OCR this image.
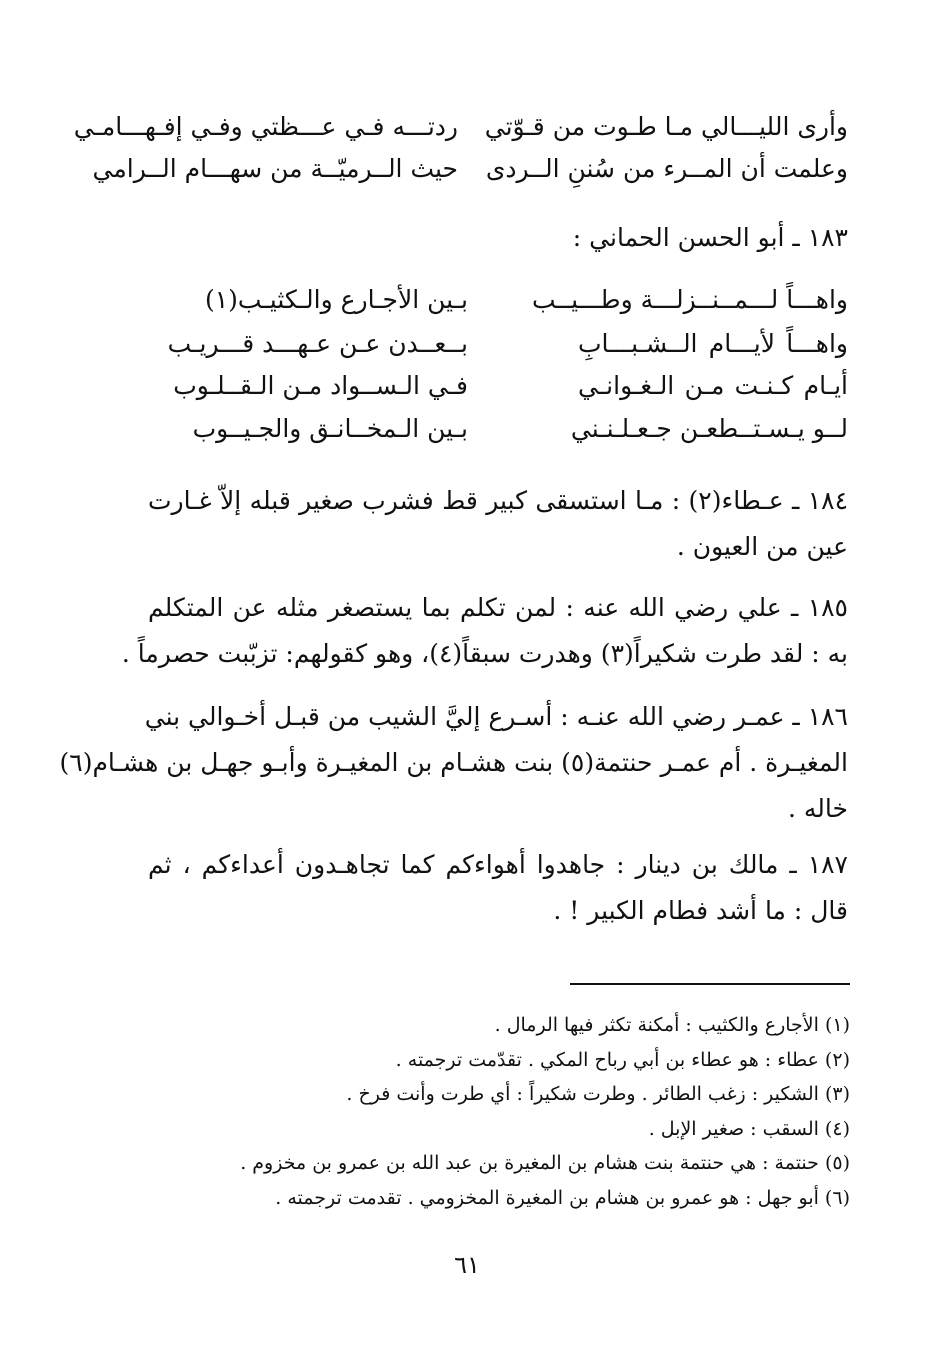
وأرى الليـــالي مـا طـوت من قـوّتي
ردتـــه فـي عـــظتي وفـي إفـهـــامـي
وعلمت أن المــرء من سُننِ الــردى
حيث الــرميّــة من سهـــام الــرامي
١٨٣ ـ أبو الحسن الحماني :
واهـــاً لـــمــنــزلـــة وطـــيــب
بـين الأجـارع والـكثيـب(١)
واهـــاً لأيـــام الــشـبـــابِ
بــعــدن عـن عـهـــد قـــريـب
أيـام كـنـت مـن الـغـوانـي
فـي الـســواد مـن الـقــلـوب
لــو يـسـتــطعـن جـعـلـنـني
بـين الـمخــانـق والجـيــوب
١٨٤ ـ عـطاء(٢) : مـا استسقى كبير قط فشرب صغير قبله إلاّ غـارت
عين من العيون .
١٨٥ ـ علي رضي الله عنه : لمن تكلم بما يستصغر مثله عن المتكلم
به : لقد طرت شكيراً(٣) وهدرت سبقاً(٤)، وهو كقولهم: تزبّبت حصرماً .
١٨٦ ـ عمـر رضي الله عنـه : أسـرع إليَّ الشيب من قبـل أخـوالي بني
المغيـرة . أم عمـر حنتمة(٥) بنت هشـام بن المغيـرة وأبـو جهـل بن هشـام(٦)
خاله .
١٨٧ ـ مالك بن دينار : جاهدوا أهواءكم كما تجاهـدون أعداءكم ، ثم
قال : ما أشد فطام الكبير ! .
(١) الأجارع والكثيب : أمكنة تكثر فيها الرمال .
(٢) عطاء : هو عطاء بن أبي رباح المكي . تقدّمت ترجمته .
(٣) الشكير : زغب الطائر . وطرت شكيراً : أي طرت وأنت فرخ .
(٤) السقب : صغير الإبل .
(٥) حنتمة : هي حنتمة بنت هشام بن المغيرة بن عبد الله بن عمرو بن مخزوم .
(٦) أبو جهل : هو عمرو بن هشام بن المغيرة المخزومي . تقدمت ترجمته .
٦١
